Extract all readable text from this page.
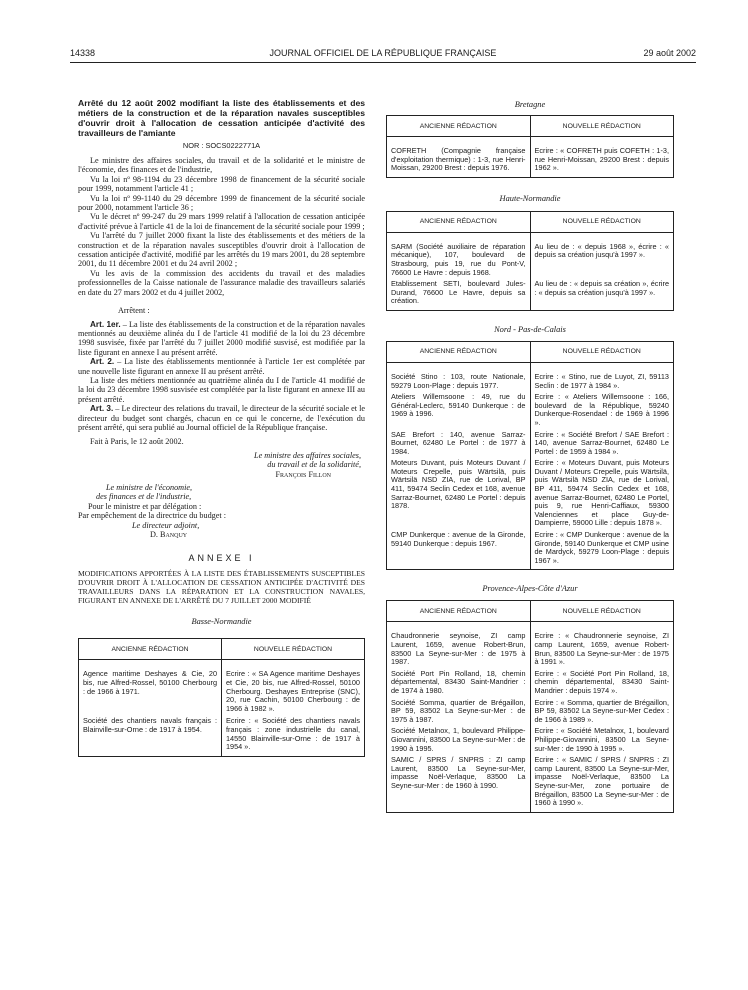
14338	JOURNAL OFFICIEL DE LA RÉPUBLIQUE FRANÇAISE	29 août 2002

Arrêté du 12 août 2002 modifiant la liste des établissements et des métiers de la construction et de la réparation navales susceptibles d'ouvrir droit à l'allocation de cessation anticipée d'activité des travailleurs de l'amiante

NOR : SOCS0222771A

Le ministre des affaires sociales, du travail et de la solidarité et le ministre de l'économie, des finances et de l'industrie,

Vu la loi nº 98-1194 du 23 décembre 1998 de financement de la sécurité sociale pour 1999, notamment l'article 41 ;

Vu la loi nº 99-1140 du 29 décembre 1999 de financement de la sécurité sociale pour 2000, notamment l'article 36 ;

Vu le décret nº 99-247 du 29 mars 1999 relatif à l'allocation de cessation anticipée d'activité prévue à l'article 41 de la loi de financement de la sécurité sociale pour 1999 ;

Vu l'arrêté du 7 juillet 2000 fixant la liste des établissements et des métiers de la construction et de la réparation navales susceptibles d'ouvrir droit à l'allocation de cessation anticipée d'activité, modifié par les arrêtés du 19 mars 2001, du 28 septembre 2001, du 11 décembre 2001 et du 24 avril 2002 ;

Vu les avis de la commission des accidents du travail et des maladies professionnelles de la Caisse nationale de l'assurance maladie des travailleurs salariés en date du 27 mars 2002 et du 4 juillet 2002,

Arrêtent :

Art. 1er. – La liste des établissements de la construction et de la réparation navales mentionnés au deuxième alinéa du I de l'article 41 modifié de la loi du 23 décembre 1998 susvisée, fixée par l'arrêté du 7 juillet 2000 modifié susvisé, est modifiée par la liste figurant en annexe I au présent arrêté.

Art. 2. – La liste des établissements mentionnée à l'article 1er est complétée par une nouvelle liste figurant en annexe II au présent arrêté.

La liste des métiers mentionnée au quatrième alinéa du I de l'article 41 modifié de la loi du 23 décembre 1998 susvisée est complétée par la liste figurant en annexe III au présent arrêté.

Art. 3. – Le directeur des relations du travail, le directeur de la sécurité sociale et le directeur du budget sont chargés, chacun en ce qui le concerne, de l'exécution du présent arrêté, qui sera publié au Journal officiel de la République française.

Fait à Paris, le 12 août 2002.

Le ministre des affaires sociales,

du travail et de la solidarité,

François Fillon

Le ministre de l'économie,

des finances et de l'industrie,

Pour le ministre et par délégation :

Par empêchement de la directrice du budget :

Le directeur adjoint,

D. Banquy

ANNEXE I

MODIFICATIONS APPORTÉES À LA LISTE DES ÉTABLISSEMENTS SUSCEPTIBLES D'OUVRIR DROIT À L'ALLOCATION DE CESSATION ANTICIPÉE D'ACTIVITÉ DES TRAVAILLEURS DANS LA RÉPARATION ET LA CONSTRUCTION NAVALES, FIGURANT EN ANNEXE DE L'ARRÊTÉ DU 7 JUILLET 2000 MODIFIÉ

Basse-Normandie

ANCIENNE RÉDACTION	NOUVELLE RÉDACTION
Agence maritime Deshayes & Cie, 20 bis, rue Alfred-Rossel, 50100 Cherbourg : de 1966 à 1971.	Ecrire : « SA Agence maritime Deshayes et Cie, 20 bis, rue Alfred-Rossel, 50100 Cherbourg. Deshayes Entreprise (SNC), 20, rue Cachin, 50100 Cherbourg : de 1966 à 1982 ».
Société des chantiers navals français : Blainville-sur-Orne : de 1917 à 1954.	Ecrire : « Société des chantiers navals français : zone industrielle du canal, 14550 Blainville-sur-Orne : de 1917 à 1954 ».

Bretagne

ANCIENNE RÉDACTION	NOUVELLE RÉDACTION
COFRETH (Compagnie française d'exploitation thermique) : 1-3, rue Henri-Moissan, 29200 Brest : depuis 1976.	Ecrire : « COFRETH puis COFETH : 1-3, rue Henri-Moissan, 29200 Brest : depuis 1962 ».

Haute-Normandie

ANCIENNE RÉDACTION	NOUVELLE RÉDACTION
SARM (Société auxiliaire de réparation mécanique), 107, boulevard de Strasbourg, puis 19, rue du Pont-V, 76600 Le Havre : depuis 1968.	Au lieu de : « depuis 1968 », écrire : « depuis sa création jusqu'à 1997 ».
Etablissement SETI, boulevard Jules-Durand, 76600 Le Havre, depuis sa création.	Au lieu de : « depuis sa création », écrire : « depuis sa création jusqu'à 1997 ».

Nord - Pas-de-Calais

ANCIENNE RÉDACTION	NOUVELLE RÉDACTION
Société Stino : 103, route Nationale, 59279 Loon-Plage : depuis 1977.	Ecrire : « Stino, rue de Luyot, ZI, 59113 Seclin : de 1977 à 1984 ».
Ateliers Willemsoone : 49, rue du Général-Leclerc, 59140 Dunkerque : de 1969 à 1996.	Ecrire : « Ateliers Willemsoone : 166, boulevard de la République, 59240 Dunkerque-Rosendael : de 1969 à 1996 ».
SAE Brefort : 140, avenue Sarraz-Bournet, 62480 Le Portel : de 1977 à 1984.	Ecrire : « Société Brefort / SAE Brefort : 140, avenue Sarraz-Bournet, 62480 Le Portel : de 1959 à 1984 ».
Moteurs Duvant, puis Moteurs Duvant / Moteurs Crepelle, puis Wärtsilä, puis Wärtsilä NSD ZIA, rue de Lorival, BP 411, 59474 Seclin Cedex et 168, avenue Sarraz-Bournet, 62480 Le Portel : depuis 1878.	Ecrire : « Moteurs Duvant, puis Moteurs Duvant / Moteurs Crepelle, puis Wärtsilä, puis Wärtsilä NSD ZIA, rue de Lorival, BP 411, 59474 Seclin Cedex et 168, avenue Sarraz-Bournet, 62480 Le Portel, puis 9, rue Henri-Caffiaux, 59300 Valenciennes et place Guy-de-Dampierre, 59000 Lille : depuis 1878 ».
CMP Dunkerque : avenue de la Gironde, 59140 Dunkerque : depuis 1967.	Ecrire : « CMP Dunkerque : avenue de la Gironde, 59140 Dunkerque et CMP usine de Mardyck, 59279 Loon-Plage : depuis 1967 ».

Provence-Alpes-Côte d'Azur

ANCIENNE RÉDACTION	NOUVELLE RÉDACTION
Chaudronnerie seynoise, ZI camp Laurent, 1659, avenue Robert-Brun, 83500 La Seyne-sur-Mer : de 1975 à 1987.	Ecrire : « Chaudronnerie seynoise, ZI camp Laurent, 1659, avenue Robert-Brun, 83500 La Seyne-sur-Mer : de 1975 à 1991 ».
Société Port Pin Rolland, 18, chemin départemental, 83430 Saint-Mandrier : de 1974 à 1980.	Ecrire : « Société Port Pin Rolland, 18, chemin départemental, 83430 Saint-Mandrier : depuis 1974 ».
Société Somma, quartier de Brégaillon, BP 59, 83502 La Seyne-sur-Mer : de 1975 à 1987.	Ecrire : « Somma, quartier de Brégaillon, BP 59, 83502 La Seyne-sur-Mer Cedex : de 1966 à 1989 ».
Société Metalnox, 1, boulevard Philippe-Giovannini, 83500 La Seyne-sur-Mer : de 1990 à 1995.	Ecrire : « Société Metalnox, 1, boulevard Philippe-Giovannini, 83500 La Seyne-sur-Mer : de 1990 à 1995 ».
SAMIC / SPRS / SNPRS : ZI camp Laurent, 83500 La Seyne-sur-Mer, impasse Noël-Verlaque, 83500 La Seyne-sur-Mer : de 1960 à 1990.	Ecrire : « SAMIC / SPRS / SNPRS : ZI camp Laurent, 83500 La Seyne-sur-Mer, impasse Noël-Verlaque, 83500 La Seyne-sur-Mer, zone portuaire de Brégaillon, 83500 La Seyne-sur-Mer : de 1960 à 1990 ».
